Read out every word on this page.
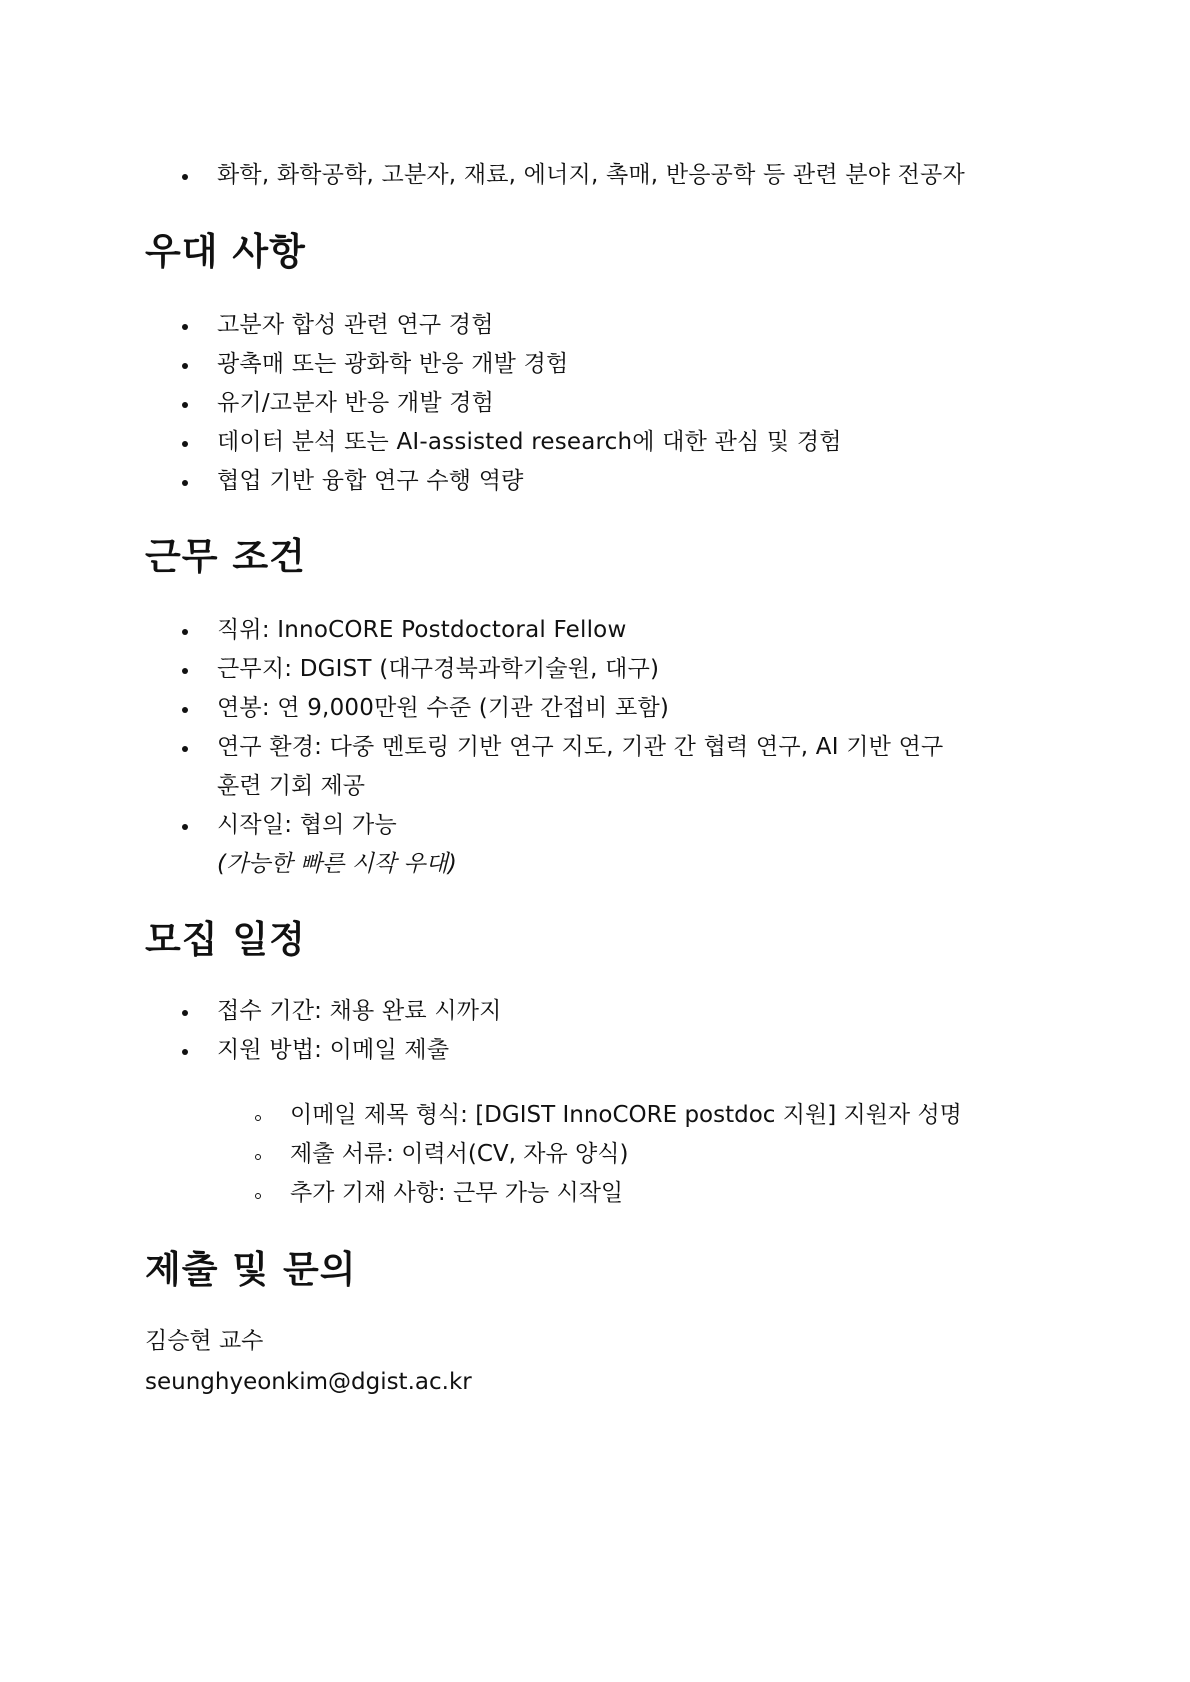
화학, 화학공학, 고분자, 재료, 에너지, 촉매, 반응공학 등 관련 분야 전공자
우대 사항
고분자 합성 관련 연구 경험
광촉매 또는 광화학 반응 개발 경험
유기/고분자 반응 개발 경험
데이터 분석 또는 AI-assisted research에 대한 관심 및 경험
협업 기반 융합 연구 수행 역량
근무 조건
직위: InnoCORE Postdoctoral Fellow
근무지: DGIST (대구경북과학기술원, 대구)
연봉: 연 9,000만원 수준 (기관 간접비 포함)
연구 환경: 다중 멘토링 기반 연구 지도, 기관 간 협력 연구, AI 기반 연구
시작일: 협의 가능
훈련 기회 제공
(가능한 빠른 시작 우대)
모집 일정
접수 기간: 채용 완료 시까지
지원 방법: 이메일 제출
이메일 제목 형식: [DGIST InnoCORE postdoc 지원] 지원자 성명
제출 서류: 이력서(CV, 자유 양식)
추가 기재 사항: 근무 가능 시작일
제출 및 문의
김승현 교수
seunghyeonkim@dgist.ac.kr
